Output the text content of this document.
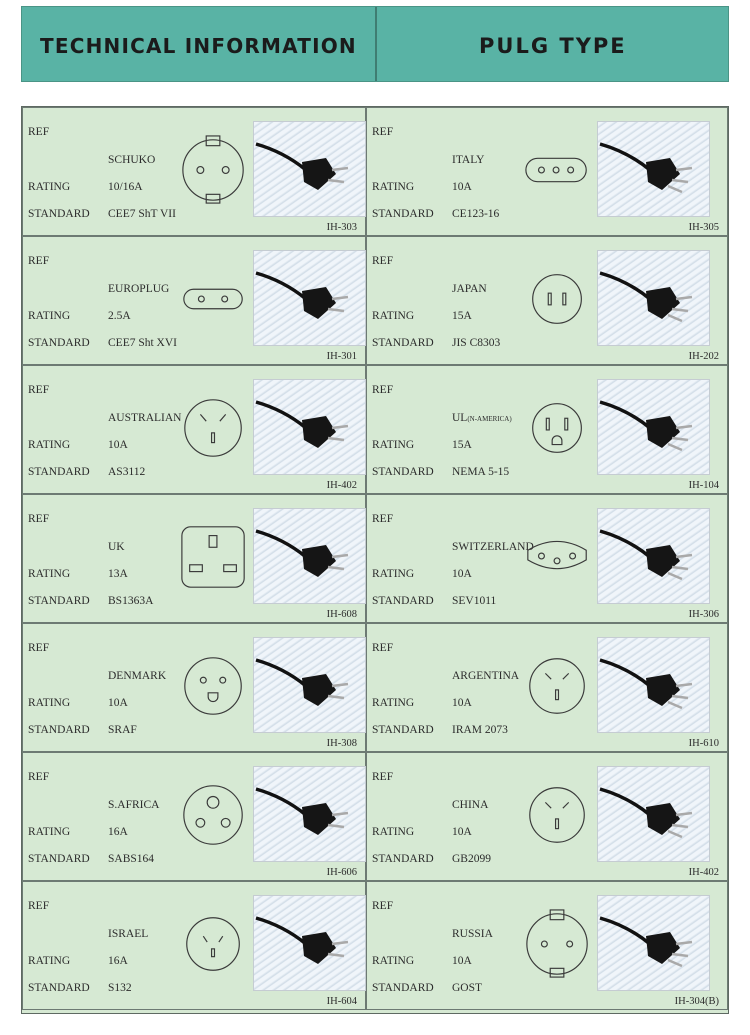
TECHNICAL INFORMATION	PULG TYPE
REF
SCHUKO
RATING	10/16A
STANDARD CEE7 ShT VII
IH-303
REF
ITALY
RATING	10A
STANDARD CE123-16
IH-305
REF
EUROPLUG
RATING	2.5A
STANDARD CEE7 Sht XVI
IH-301
REF
JAPAN
RATING	15A
STANDARD JIS C8303
IH-202
REF
AUSTRALIAN
RATING	10A
STANDARD AS3112
IH-402
REF
UL(N-AMERICA)
RATING	15A
STANDARD NEMA 5-15
IH-104
REF
UK
RATING	13A
STANDARD BS1363A
IH-608
REF
SWITZERLAND
RATING	10A
STANDARD SEV1011
IH-306
REF
DENMARK
RATING	10A
STANDARD SRAF
IH-308
REF
ARGENTINA
RATING	10A
STANDARD IRAM 2073
IH-610
REF
S.AFRICA
RATING	16A
STANDARD SABS164
IH-606
REF
CHINA
RATING	10A
STANDARD GB2099
IH-402
REF
ISRAEL
RATING	16A
STANDARD S132
IH-604
REF
RUSSIA
RATING	10A
STANDARD GOST
IH-304(B)
